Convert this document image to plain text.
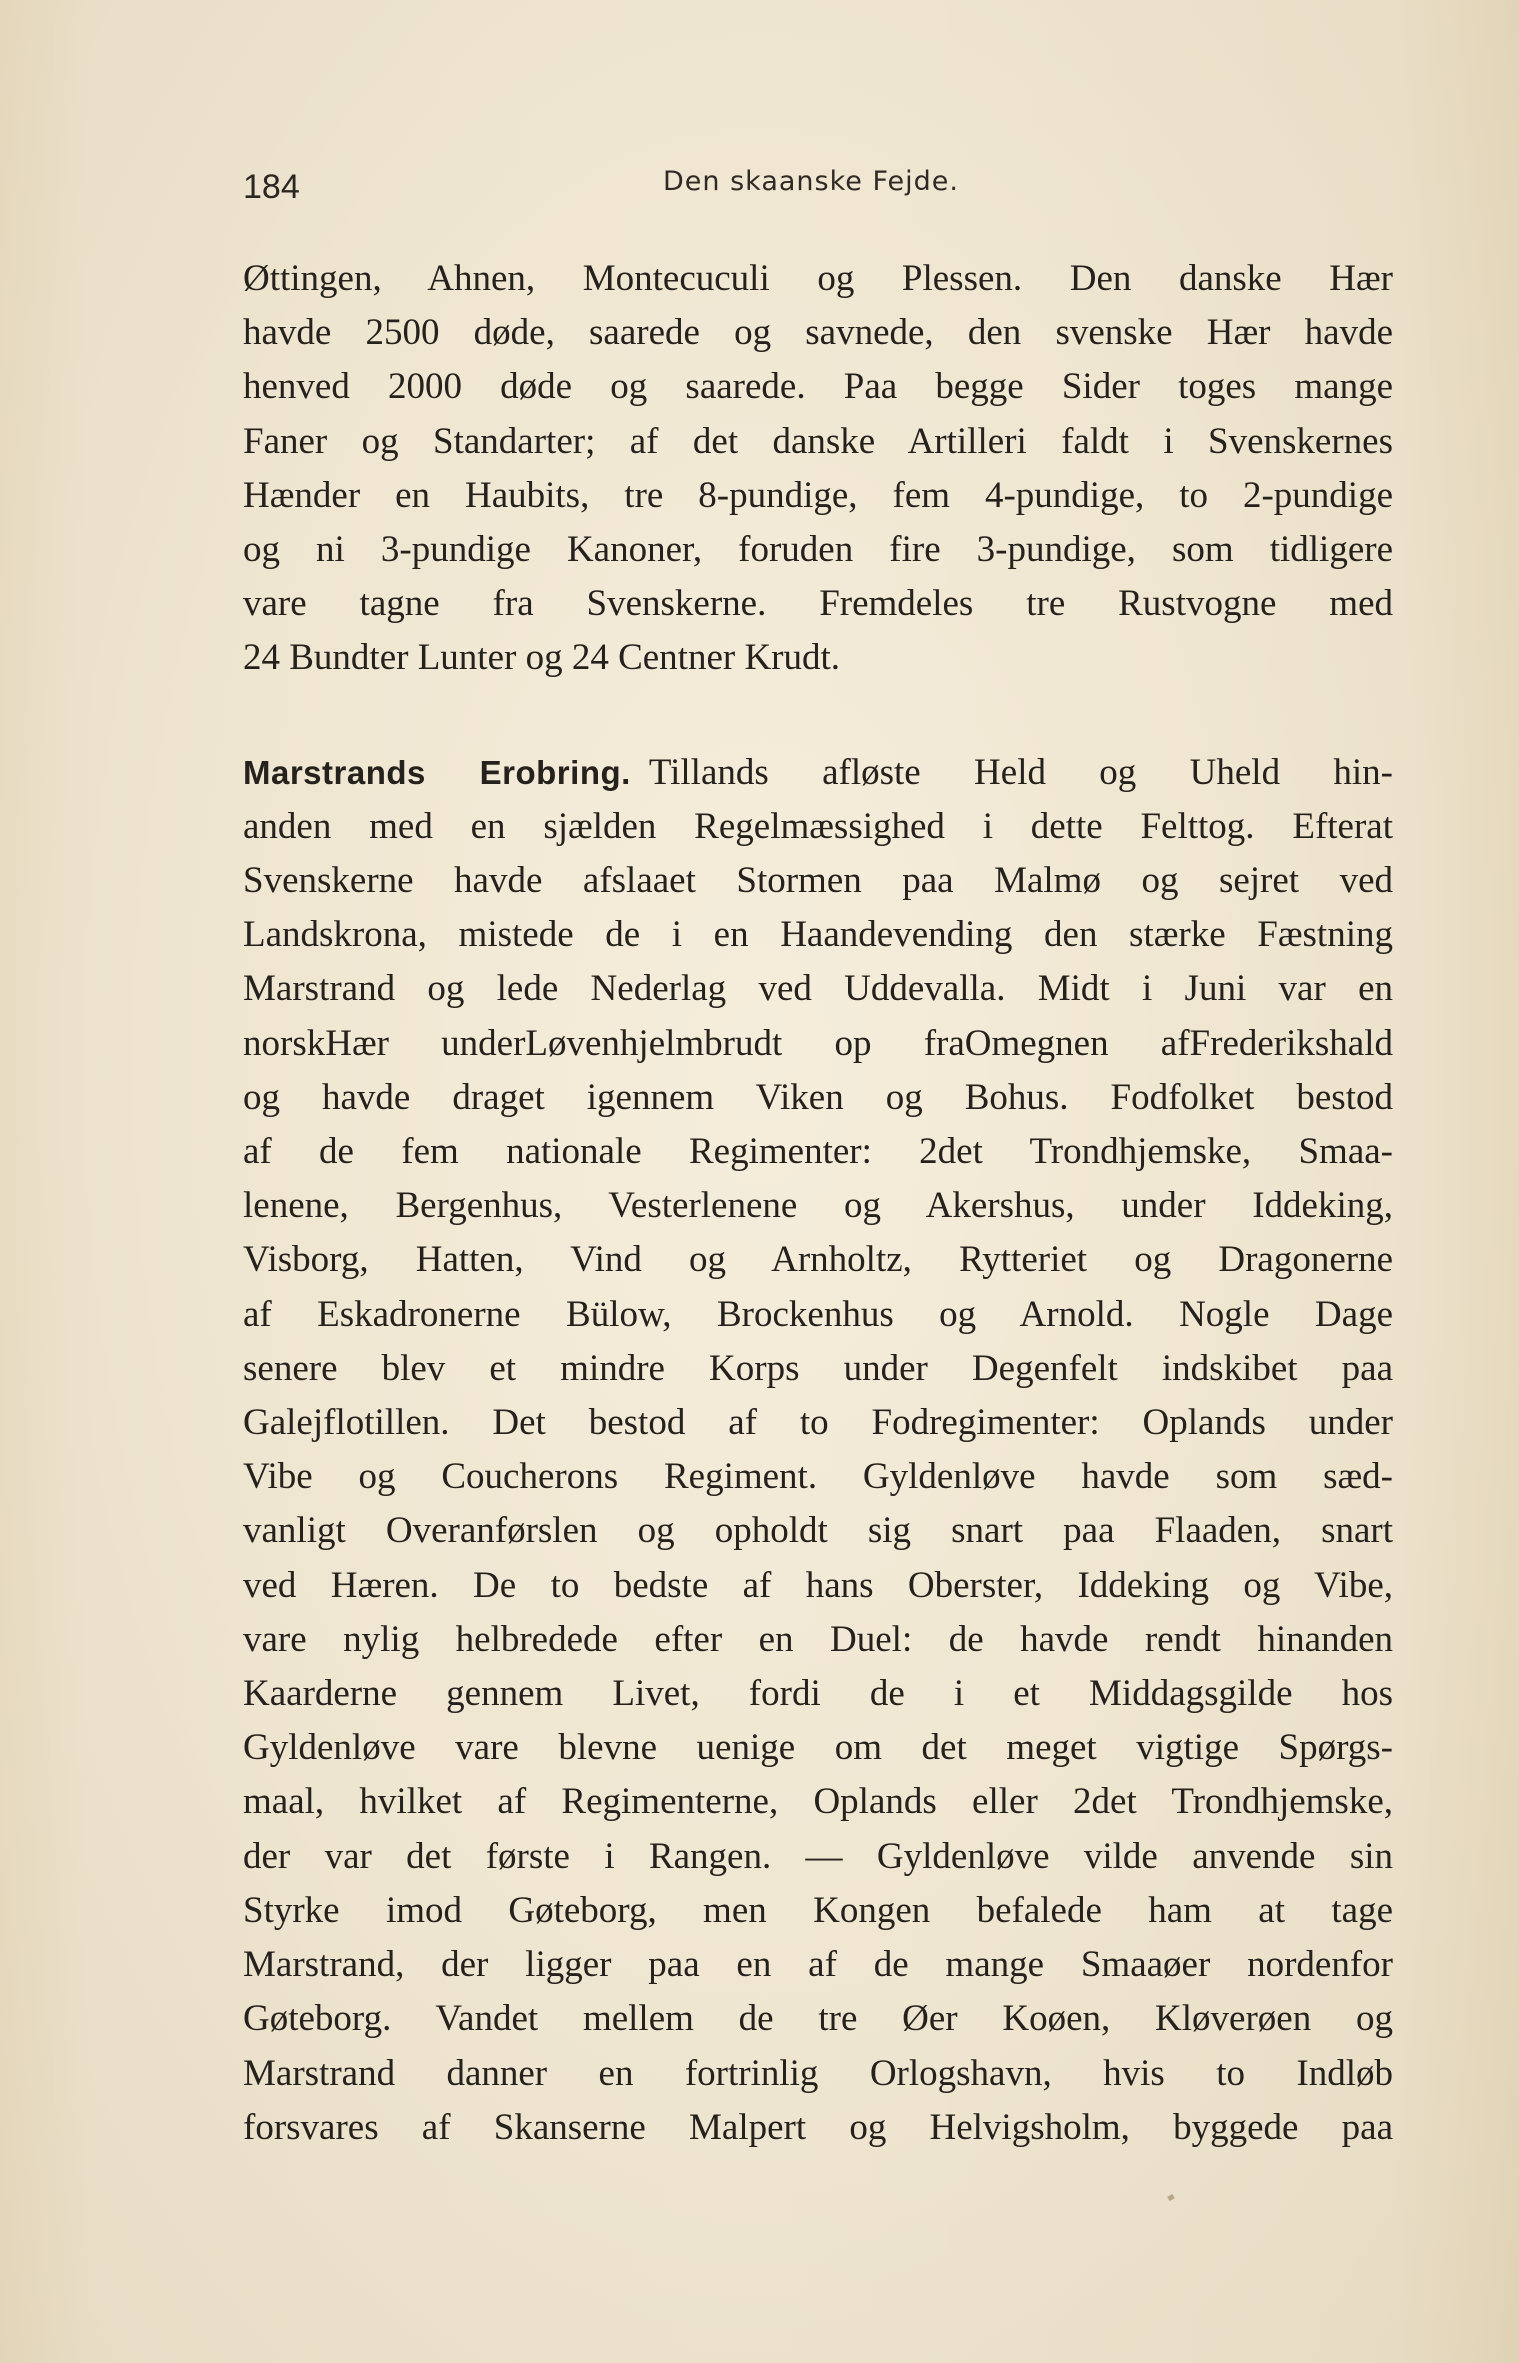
184	Den skaanske Fejde.
Øttingen, Ahnen, Montecuculi og Plessen. Den danske Hær
havde 2500 døde, saarede og savnede, den svenske Hær havde
henved 2000 døde og saarede. Paa begge Sider toges mange
Faner og Standarter; af det danske Artilleri faldt i Svenskernes
Hænder en Haubits, tre 8-pundige, fem 4-pundige, to 2-pundige
og ni 3-pundige Kanoner, foruden fire 3-pundige, som tidligere
vare tagne fra Svenskerne. Fremdeles tre Rustvogne med
24 Bundter Lunter og 24 Centner Krudt.
Marstrands Erobring. Tillands afløste Held og Uheld hin-
anden med en sjælden Regelmæssighed i dette Felttog. Efterat
Svenskerne havde afslaaet Stormen paa Malmø og sejret ved
Landskrona, mistede de i en Haandevending den stærke Fæstning
Marstrand og lede Nederlag ved Uddevalla. Midt i Juni var en
norskHær underLøvenhjelmbrudt op fraOmegnen afFrederikshald
og havde draget igennem Viken og Bohus. Fodfolket bestod
af de fem nationale Regimenter: 2det Trondhjemske, Smaa-
lenene, Bergenhus, Vesterlenene og Akershus, under Iddeking,
Visborg, Hatten, Vind og Arnholtz, Rytteriet og Dragonerne
af Eskadronerne Bülow, Brockenhus og Arnold. Nogle Dage
senere blev et mindre Korps under Degenfelt indskibet paa
Galejflotillen. Det bestod af to Fodregimenter: Oplands under
Vibe og Coucherons Regiment. Gyldenløve havde som sæd-
vanligt Overanførslen og opholdt sig snart paa Flaaden, snart
ved Hæren. De to bedste af hans Oberster, Iddeking og Vibe,
vare nylig helbredede efter en Duel: de havde rendt hinanden
Kaarderne gennem Livet, fordi de i et Middagsgilde hos
Gyldenløve vare blevne uenige om det meget vigtige Spørgs-
maal, hvilket af Regimenterne, Oplands eller 2det Trondhjemske,
der var det første i Rangen. — Gyldenløve vilde anvende sin
Styrke imod Gøteborg, men Kongen befalede ham at tage
Marstrand, der ligger paa en af de mange Smaaøer nordenfor
Gøteborg. Vandet mellem de tre Øer Koøen, Kløverøen og
Marstrand danner en fortrinlig Orlogshavn, hvis to Indløb
forsvares af Skanserne Malpert og Helvigsholm, byggede paa
